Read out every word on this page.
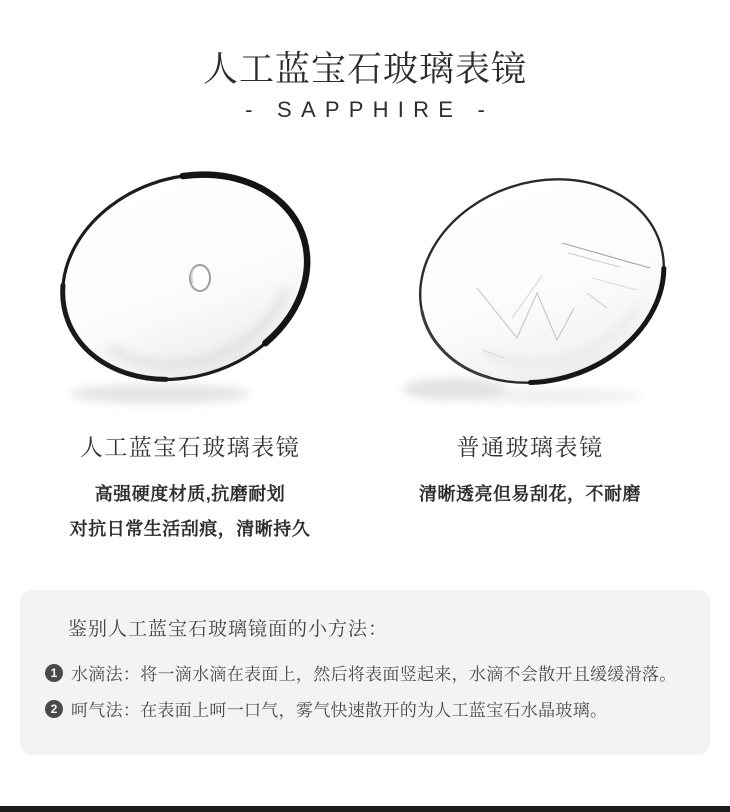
人工蓝宝石玻璃表镜
- SAPPHIRE -
人工蓝宝石玻璃表镜	普通玻璃表镜
高强硬度材质,抗磨耐划
对抗日常生活刮痕，清晰持久
清晰透亮但易刮花，不耐磨
鉴别人工蓝宝石玻璃镜面的小方法：
1 水滴法：将一滴水滴在表面上，然后将表面竖起来，水滴不会散开且缓缓滑落。
2 呵气法：在表面上呵一口气，雾气快速散开的为人工蓝宝石水晶玻璃。
